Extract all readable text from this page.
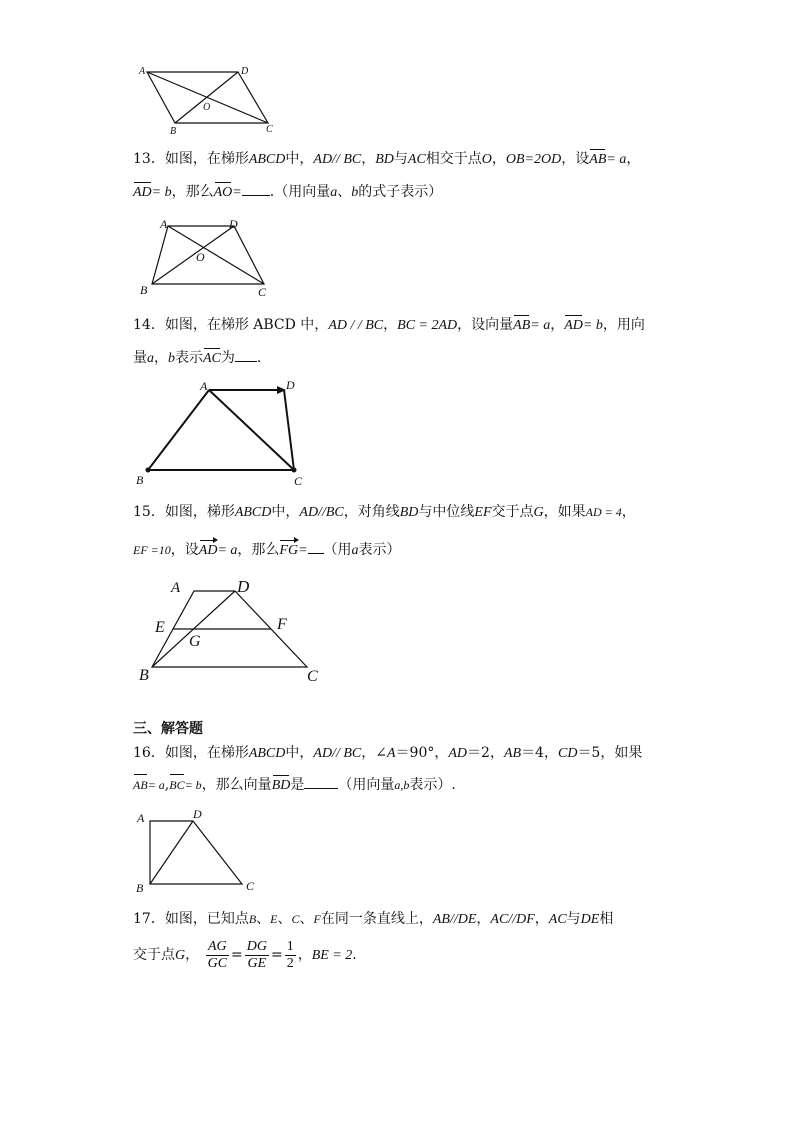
A	D
O
B	C
13．如图，在梯形ABCD中，AD// BC，BD与AC相交于点O，OB=2OD，设AB= a，
AD= b，那么AO= .（用向量a、b的式子表示）
A	D
O
B	C
14．如图，在梯形 ABCD 中，AD / / BC，BC = 2AD，设向量AB= a，AD= b，用向
量a，b表示AC为 .
A	D
B	C
15．如图，梯形ABCD中，AD//BC，对角线BD与中位线EF交于点G，如果AD = 4，
EF =10，设AD= a，那么FG= （用a表示）
A	D
E	F
G
B	C
三、解答题
16．如图，在梯形ABCD中，AD// BC，∠A＝90°，AD＝2，AB＝4，CD＝5，如果
AB= a,BC= b，那么向量BD是 （用向量a,b表示）.
A	D
B	C
17．如图，已知点B、E、C、F在同一条直线上，AB//DE，AC//DF，AC与DE相
交于点G， $\frac{AG}{GC} = \frac{DG}{GE} = \frac{1}{2}$ ，BE = 2.
